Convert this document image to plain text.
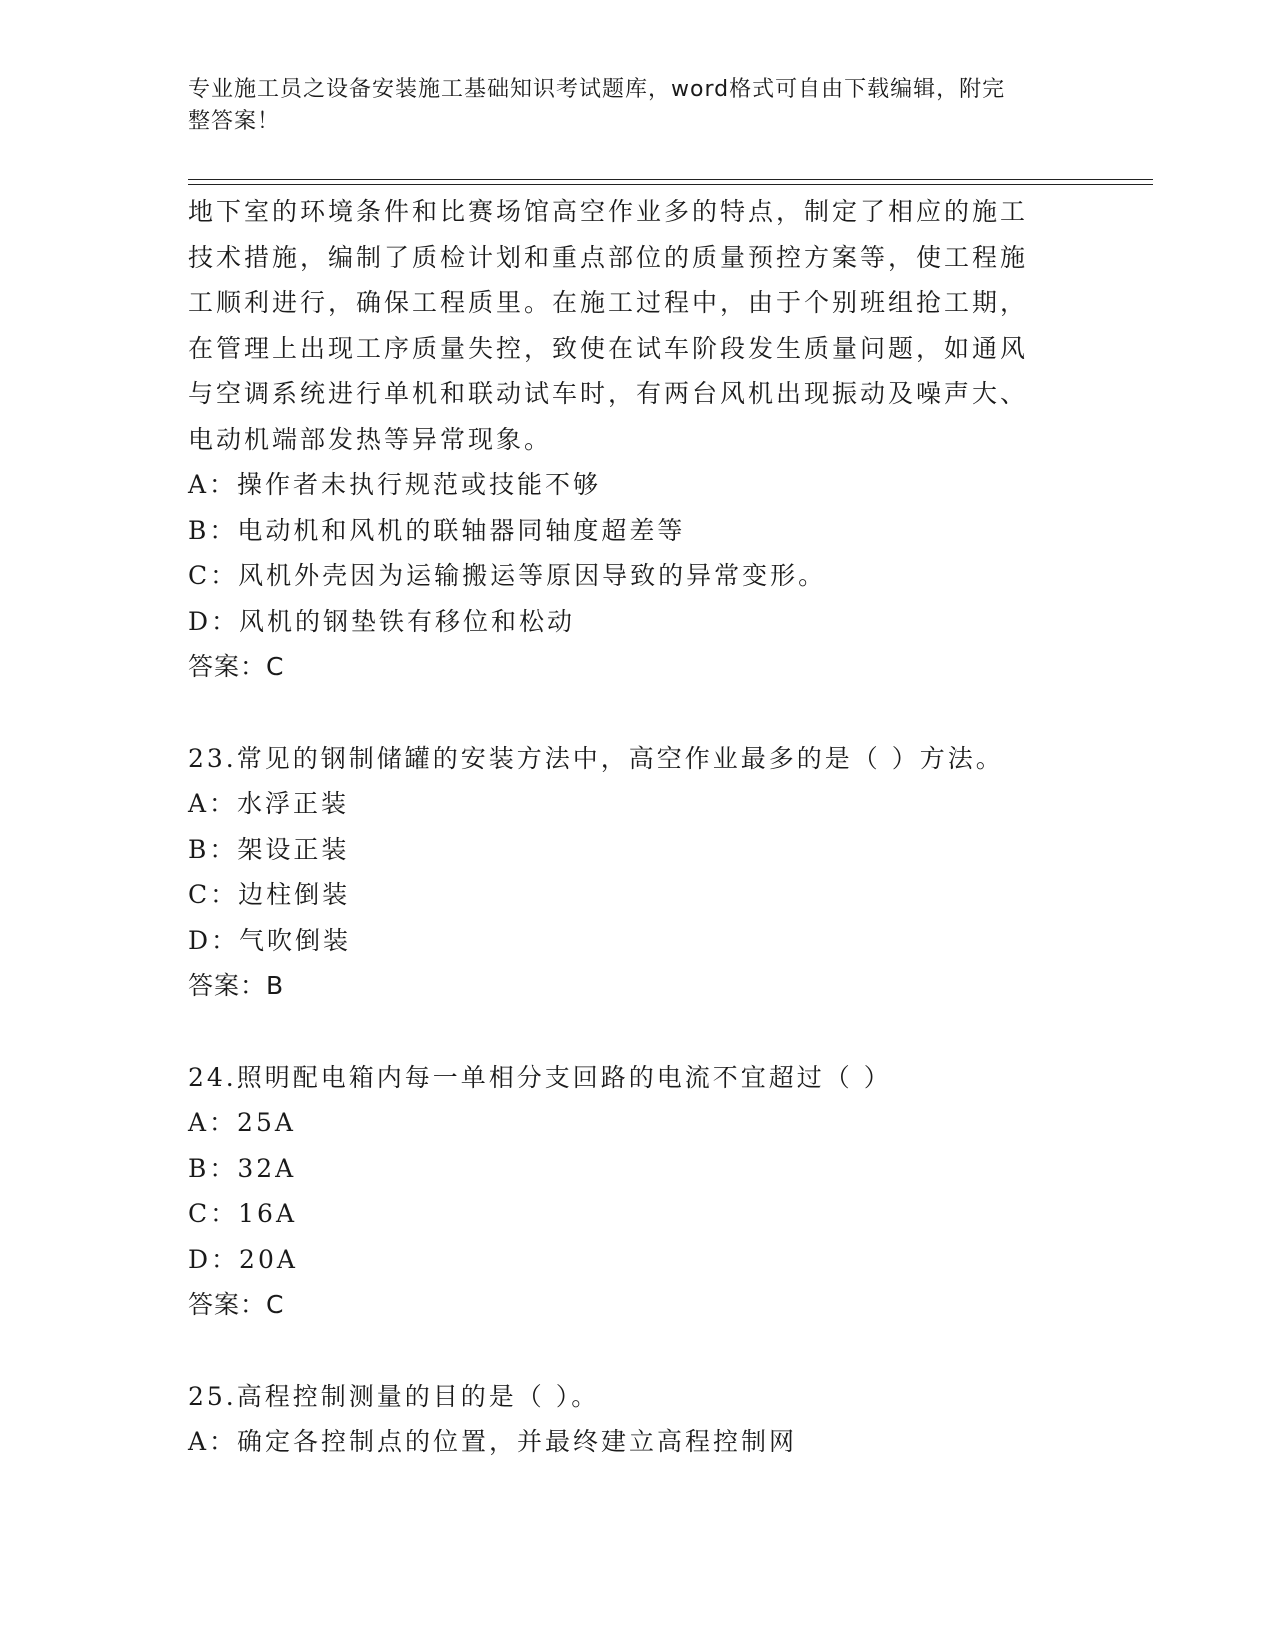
专业施工员之设备安装施工基础知识考试题库，word格式可自由下载编辑，附完
整答案！
地下室的环境条件和比赛场馆高空作业多的特点，制定了相应的施工
技术措施，编制了质检计划和重点部位的质量预控方案等，使工程施
工顺利进行，确保工程质里。在施工过程中，由于个别班组抢工期，
在管理上出现工序质量失控，致使在试车阶段发生质量问题，如通风
与空调系统进行单机和联动试车时，有两台风机出现振动及噪声大、
电动机端部发热等异常现象。
A：操作者未执行规范或技能不够
B：电动机和风机的联轴器同轴度超差等
C：风机外壳因为运输搬运等原因导致的异常变形。
D：风机的钢垫铁有移位和松动
答案：C
23.常见的钢制储罐的安装方法中，高空作业最多的是（ ）方法。
A：水浮正装
B：架设正装
C：边柱倒装
D：气吹倒装
答案：B
24.照明配电箱内每一单相分支回路的电流不宜超过（ ）
A：25A
B：32A
C：16A
D：20A
答案：C
25.高程控制测量的目的是（ ）。
A：确定各控制点的位置，并最终建立高程控制网
